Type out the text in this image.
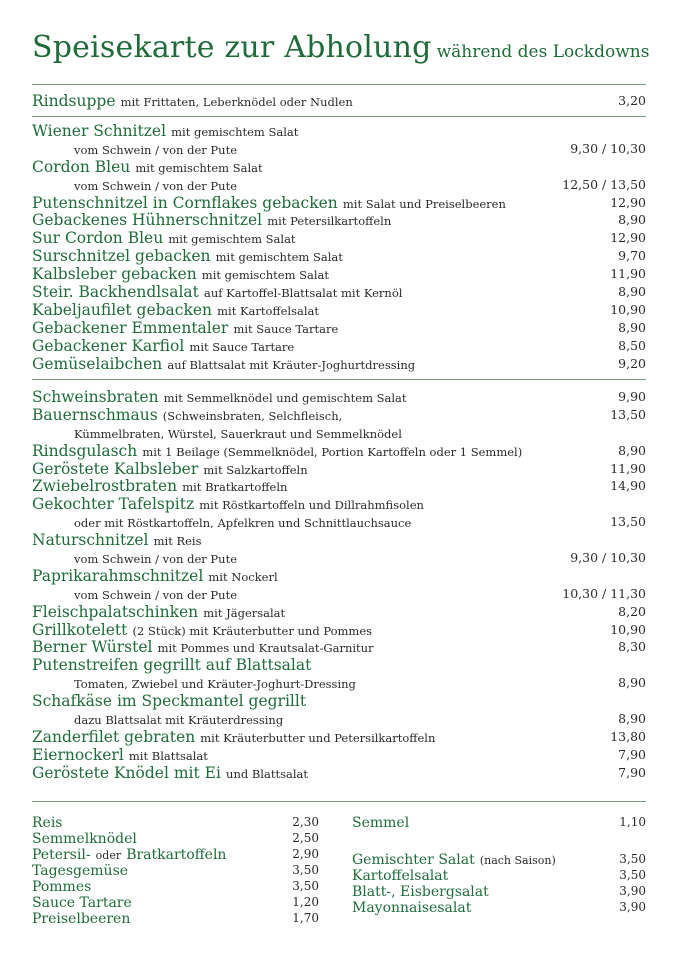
Speisekarte zur Abholung während des Lockdowns
Rindsuppe mit Frittaten, Leberknödel oder Nudlen	3,20
Wiener Schnitzel mit gemischtem Salat
vom Schwein / von der Pute	9,30 / 10,30
Cordon Bleu mit gemischtem Salat
vom Schwein / von der Pute	12,50 / 13,50
Putenschnitzel in Cornflakes gebacken mit Salat und Preiselbeeren	12,90
Gebackenes Hühnerschnitzel mit Petersilkartoffeln	8,90
Sur Cordon Bleu mit gemischtem Salat	12,90
Surschnitzel gebacken mit gemischtem Salat	9,70
Kalbsleber gebacken mit gemischtem Salat	11,90
Steir. Backhendlsalat auf Kartoffel-Blattsalat mit Kernöl	8,90
Kabeljaufilet gebacken mit Kartoffelsalat	10,90
Gebackener Emmentaler mit Sauce Tartare	8,90
Gebackener Karfiol mit Sauce Tartare	8,50
Gemüselaibchen auf Blattsalat mit Kräuter-Joghurtdressing	9,20
Schweinsbraten mit Semmelknödel und gemischtem Salat	9,90
Bauernschmaus (Schweinsbraten, Selchfleisch,	13,50
Kümmelbraten, Würstel, Sauerkraut und Semmelknödel
Rindsgulasch mit 1 Beilage (Semmelknödel, Portion Kartoffeln oder 1 Semmel)	8,90
Geröstete Kalbsleber mit Salzkartoffeln	11,90
Zwiebelrostbraten mit Bratkartoffeln	14,90
Gekochter Tafelspitz mit Röstkartoffeln und Dillrahmfisolen
oder mit Röstkartoffeln, Apfelkren und Schnittlauchsauce	13,50
Naturschnitzel mit Reis
vom Schwein / von der Pute	9,30 / 10,30
Paprikarahmschnitzel mit Nockerl
vom Schwein / von der Pute	10,30 / 11,30
Fleischpalatschinken mit Jägersalat	8,20
Grillkotelett (2 Stück) mit Kräuterbutter und Pommes	10,90
Berner Würstel mit Pommes und Krautsalat-Garnitur	8,30
Putenstreifen gegrillt auf Blattsalat
Tomaten, Zwiebel und Kräuter-Joghurt-Dressing	8,90
Schafkäse im Speckmantel gegrillt
dazu Blattsalat mit Kräuterdressing	8,90
Zanderfilet gebraten mit Kräuterbutter und Petersilkartoffeln	13,80
Eiernockerl mit Blattsalat	7,90
Geröstete Knödel mit Ei und Blattsalat	7,90
Reis	2,30
Semmelknödel	2,50
Petersil- oder Bratkartoffeln	2,90
Tagesgemüse	3,50
Pommes	3,50
Sauce Tartare	1,20
Preiselbeeren	1,70
Semmel	1,10
Gemischter Salat (nach Saison)	3,50
Kartoffelsalat	3,50
Blatt-, Eisbergsalat	3,90
Mayonnaisesalat	3,90
